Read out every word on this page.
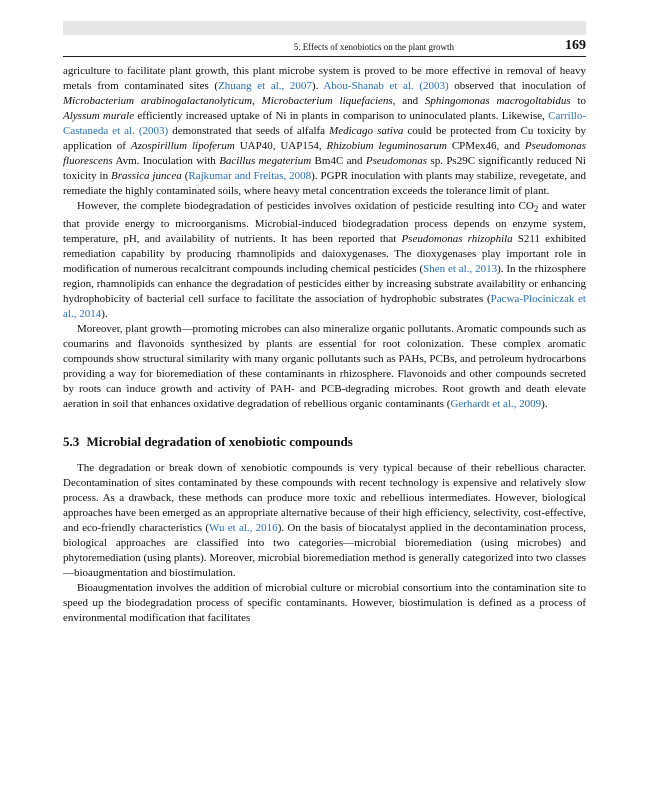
5. Effects of xenobiotics on the plant growth	169

agriculture to facilitate plant growth, this plant microbe system is proved to be more effective in removal of heavy metals from contaminated sites (Zhuang et al., 2007). Abou-Shanab et al. (2003) observed that inoculation of Microbacterium arabinogalactanolyticum, Microbacterium liquefaciens, and Sphingomonas macrogoltabidus to Alyssum murale efficiently increased uptake of Ni in plants in comparison to uninoculated plants. Likewise, Carrillo-Castaneda et al. (2003) demonstrated that seeds of alfalfa Medicago sativa could be protected from Cu toxicity by application of Azospirillum lipoferum UAP40, UAP154, Rhizobium leguminosarum CPMex46, and Pseudomonas fluorescens Avm. Inoculation with Bacillus megaterium Bm4C and Pseudomonas sp. Ps29C significantly reduced Ni toxicity in Brassica juncea (Rajkumar and Freitas, 2008). PGPR inoculation with plants may stabilize, revegetate, and remediate the highly contaminated soils, where heavy metal concentration exceeds the tolerance limit of plant.

However, the complete biodegradation of pesticides involves oxidation of pesticide resulting into $CO_2$ and water that provide energy to microorganisms. Microbial-induced biodegradation process depends on enzyme system, temperature, pH, and availability of nutrients. It has been reported that Pseudomonas rhizophila S211 exhibited remediation capability by producing rhamnolipids and daioxygenases. The dioxygenases play important role in modification of numerous recalcitrant compounds including chemical pesticides (Shen et al., 2013). In the rhizosphere region, rhamnolipids can enhance the degradation of pesticides either by increasing substrate availability or enhancing hydrophobicity of bacterial cell surface to facilitate the association of hydrophobic substrates (Pacwa-Płociniczak et al., 2014).

Moreover, plant growth—promoting microbes can also mineralize organic pollutants. Aromatic compounds such as coumarins and flavonoids synthesized by plants are essential for root colonization. These complex aromatic compounds show structural similarity with many organic pollutants such as PAHs, PCBs, and petroleum hydrocarbons providing a way for bioremediation of these contaminants in rhizosphere. Flavonoids and other compounds secreted by roots can induce growth and activity of PAH- and PCB-degrading microbes. Root growth and death elevate aeration in soil that enhances oxidative degradation of rebellious organic contaminants (Gerhardt et al., 2009).

5.3 Microbial degradation of xenobiotic compounds

The degradation or break down of xenobiotic compounds is very typical because of their rebellious character. Decontamination of sites contaminated by these compounds with recent technology is expensive and relatively slow process. As a drawback, these methods can produce more toxic and rebellious intermediates. However, biological approaches have been emerged as an appropriate alternative because of their high efficiency, selectivity, cost-effective, and eco-friendly characteristics (Wu et al., 2016). On the basis of biocatalyst applied in the decontamination process, biological approaches are classified into two categories—microbial bioremediation (using microbes) and phytoremediation (using plants). Moreover, microbial bioremediation method is generally categorized into two classes—bioaugmentation and biostimulation.

Bioaugmentation involves the addition of microbial culture or microbial consortium into the contamination site to speed up the biodegradation process of specific contaminants. However, biostimulation is defined as a process of environmental modification that facilitates
